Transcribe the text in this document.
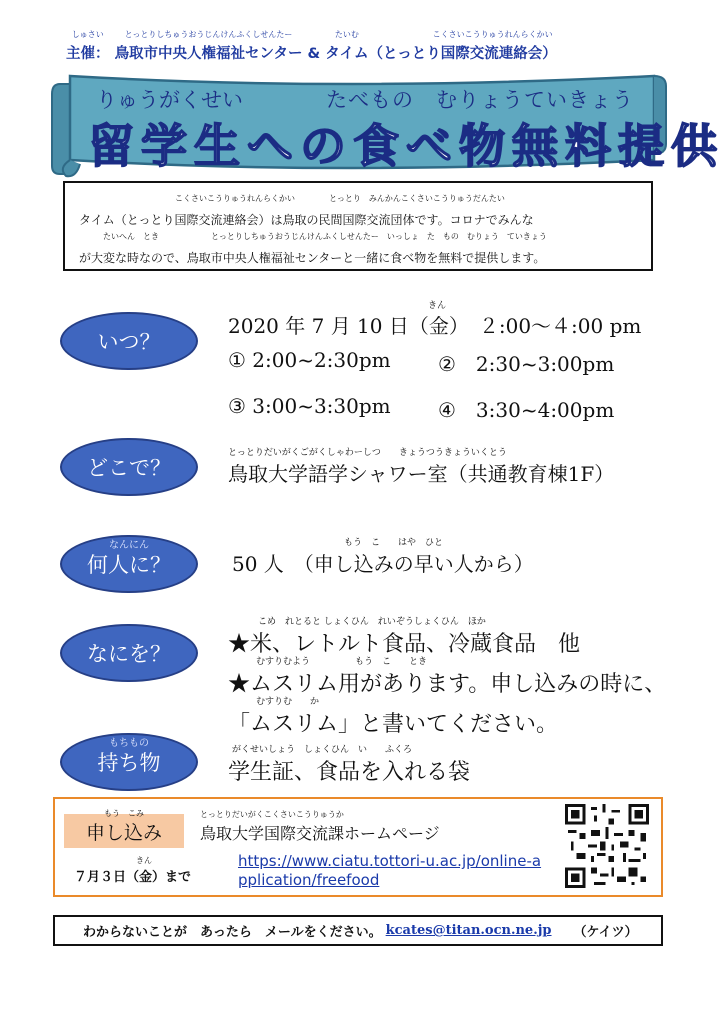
しゅさい
主催：
とっとりしちゅうおうじんけんふくしせんたー
鳥取市中央人権福祉センター &
たいむ
タイム
こくさいこうりゅうれんらくかい
（とっとり国際交流連絡会）
りゅうがくせい	たべもの　むりょうていきょう
留学生への食べ物無料提供
こくさいこうりゅうれんらくかい	とっとり　みんかんこくさいこうりゅうだんたい
タイム（とっとり国際交流連絡会）は鳥取の民間国際交流団体です。コロナでみんな
たいへん　とき	とっとりしちゅうおうじんけんふくしせんたー　いっしょ　た　もの　むりょう　ていきょう
が大変な時なので、鳥取市中央人権福祉センターと一緒に食べ物を無料で提供します。
いつ？
きん
2020 年 7 月 10 日（金）　２:00～４:00 pm
① 2:00~2:30pm ②　2:30~3:00pm
③ 3:00~3:30pm ④　3:30~4:00pm
どこで？
とっとりだいがくごがくしゃわーしつ　　きょうつうきょういくとう
鳥取大学語学シャワー室（共通教育棟1F）
なんにん
何人に？
もう　こ　　はや　ひと
50 人　（申し込みの早い人から）
なにを？
こめ　れとると しょくひん　れいぞうしょくひん　ほか
★米、レトルト食品、冷蔵食品　他
むすりむよう　　　　　もう　こ　　とき
★ムスリム用があります。申し込みの時に、
むすりむ　　か
「ムスリム」と書いてください。
もちもの
持ち物
がくせいしょう　しょくひん　い　　ふくろ
学生証、食品を入れる袋
もう　こみ
申し込み
とっとりだいがくこくさいこうりゅうか
鳥取大学国際交流課ホームページ
きん
７月３日（金）まで
https://www.ciatu.tottori-u.ac.jp/online-application/freefood
わからないことが　あったら　メールをください。 kcates@titan.ocn.ne.jp （ケイツ）
